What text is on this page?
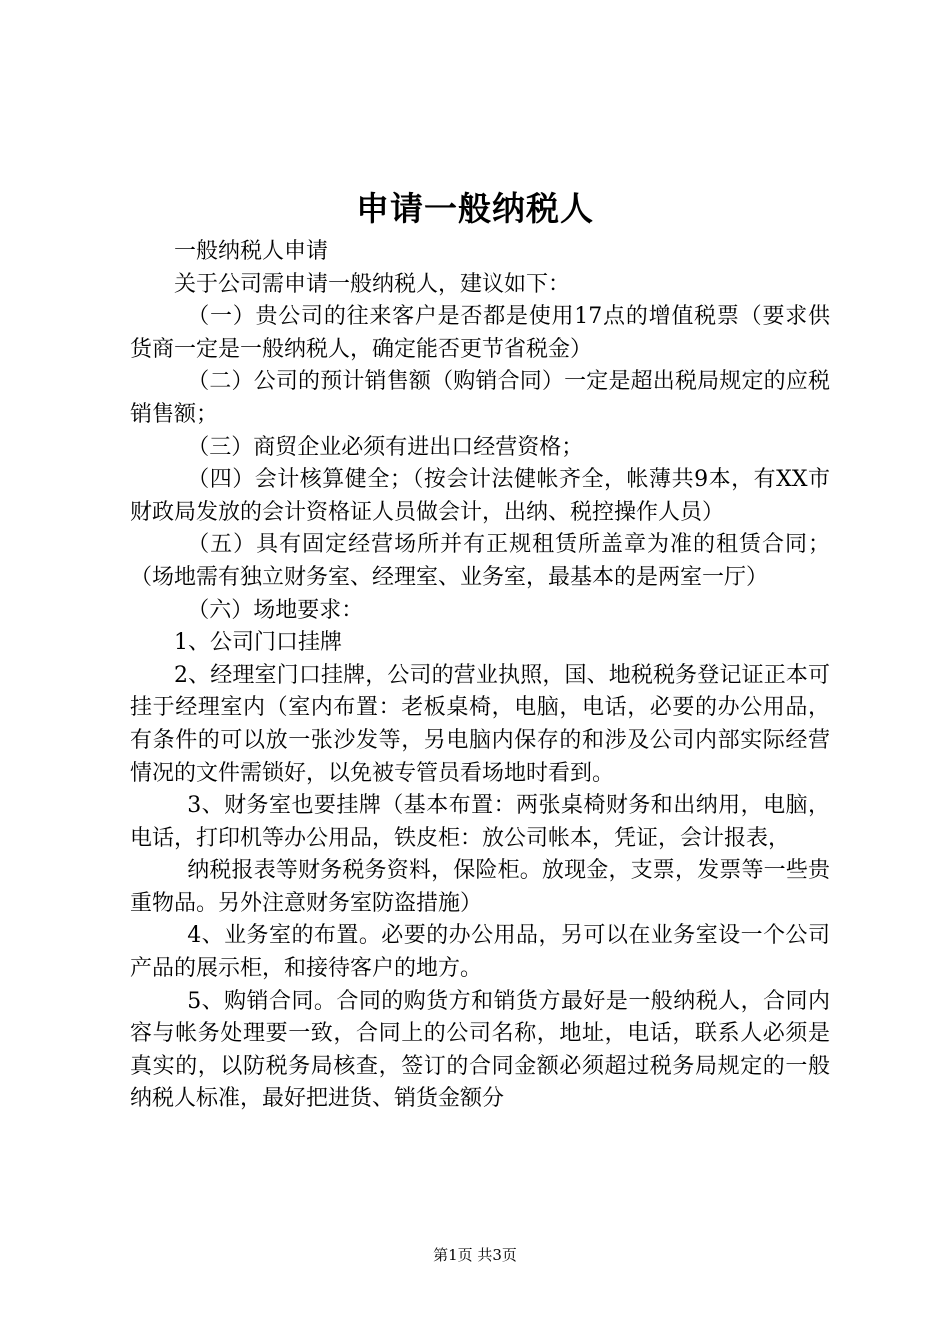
申请一般纳税人

一般纳税人申请

关于公司需申请一般纳税人，建议如下：

（一）贵公司的往来客户是否都是使用17点的增值税票（要求供货商一定是一般纳税人，确定能否更节省税金）

（二）公司的预计销售额（购销合同）一定是超出税局规定的应税销售额；

（三）商贸企业必须有进出口经营资格；

（四）会计核算健全；（按会计法健帐齐全，帐薄共9本，有XX市财政局发放的会计资格证人员做会计，出纳、税控操作人员）

（五）具有固定经营场所并有正规租赁所盖章为准的租赁合同；（场地需有独立财务室、经理室、业务室，最基本的是两室一厅）

（六）场地要求：

1、公司门口挂牌

2、经理室门口挂牌，公司的营业执照，国、地税税务登记证正本可挂于经理室内（室内布置：老板桌椅，电脑，电话，必要的办公用品，有条件的可以放一张沙发等，另电脑内保存的和涉及公司内部实际经营情况的文件需锁好，以免被专管员看场地时看到。

3、财务室也要挂牌（基本布置：两张桌椅财务和出纳用，电脑，电话，打印机等办公用品，铁皮柜：放公司帐本，凭证，会计报表，

纳税报表等财务税务资料，保险柜。放现金，支票，发票等一些贵重物品。另外注意财务室防盗措施）

4、业务室的布置。必要的办公用品，另可以在业务室设一个公司产品的展示柜，和接待客户的地方。

5、购销合同。合同的购货方和销货方最好是一般纳税人，合同内容与帐务处理要一致，合同上的公司名称，地址，电话，联系人必须是真实的，以防税务局核查，签订的合同金额必须超过税务局规定的一般纳税人标准，最好把进货、销货金额分

第1页 共3页
